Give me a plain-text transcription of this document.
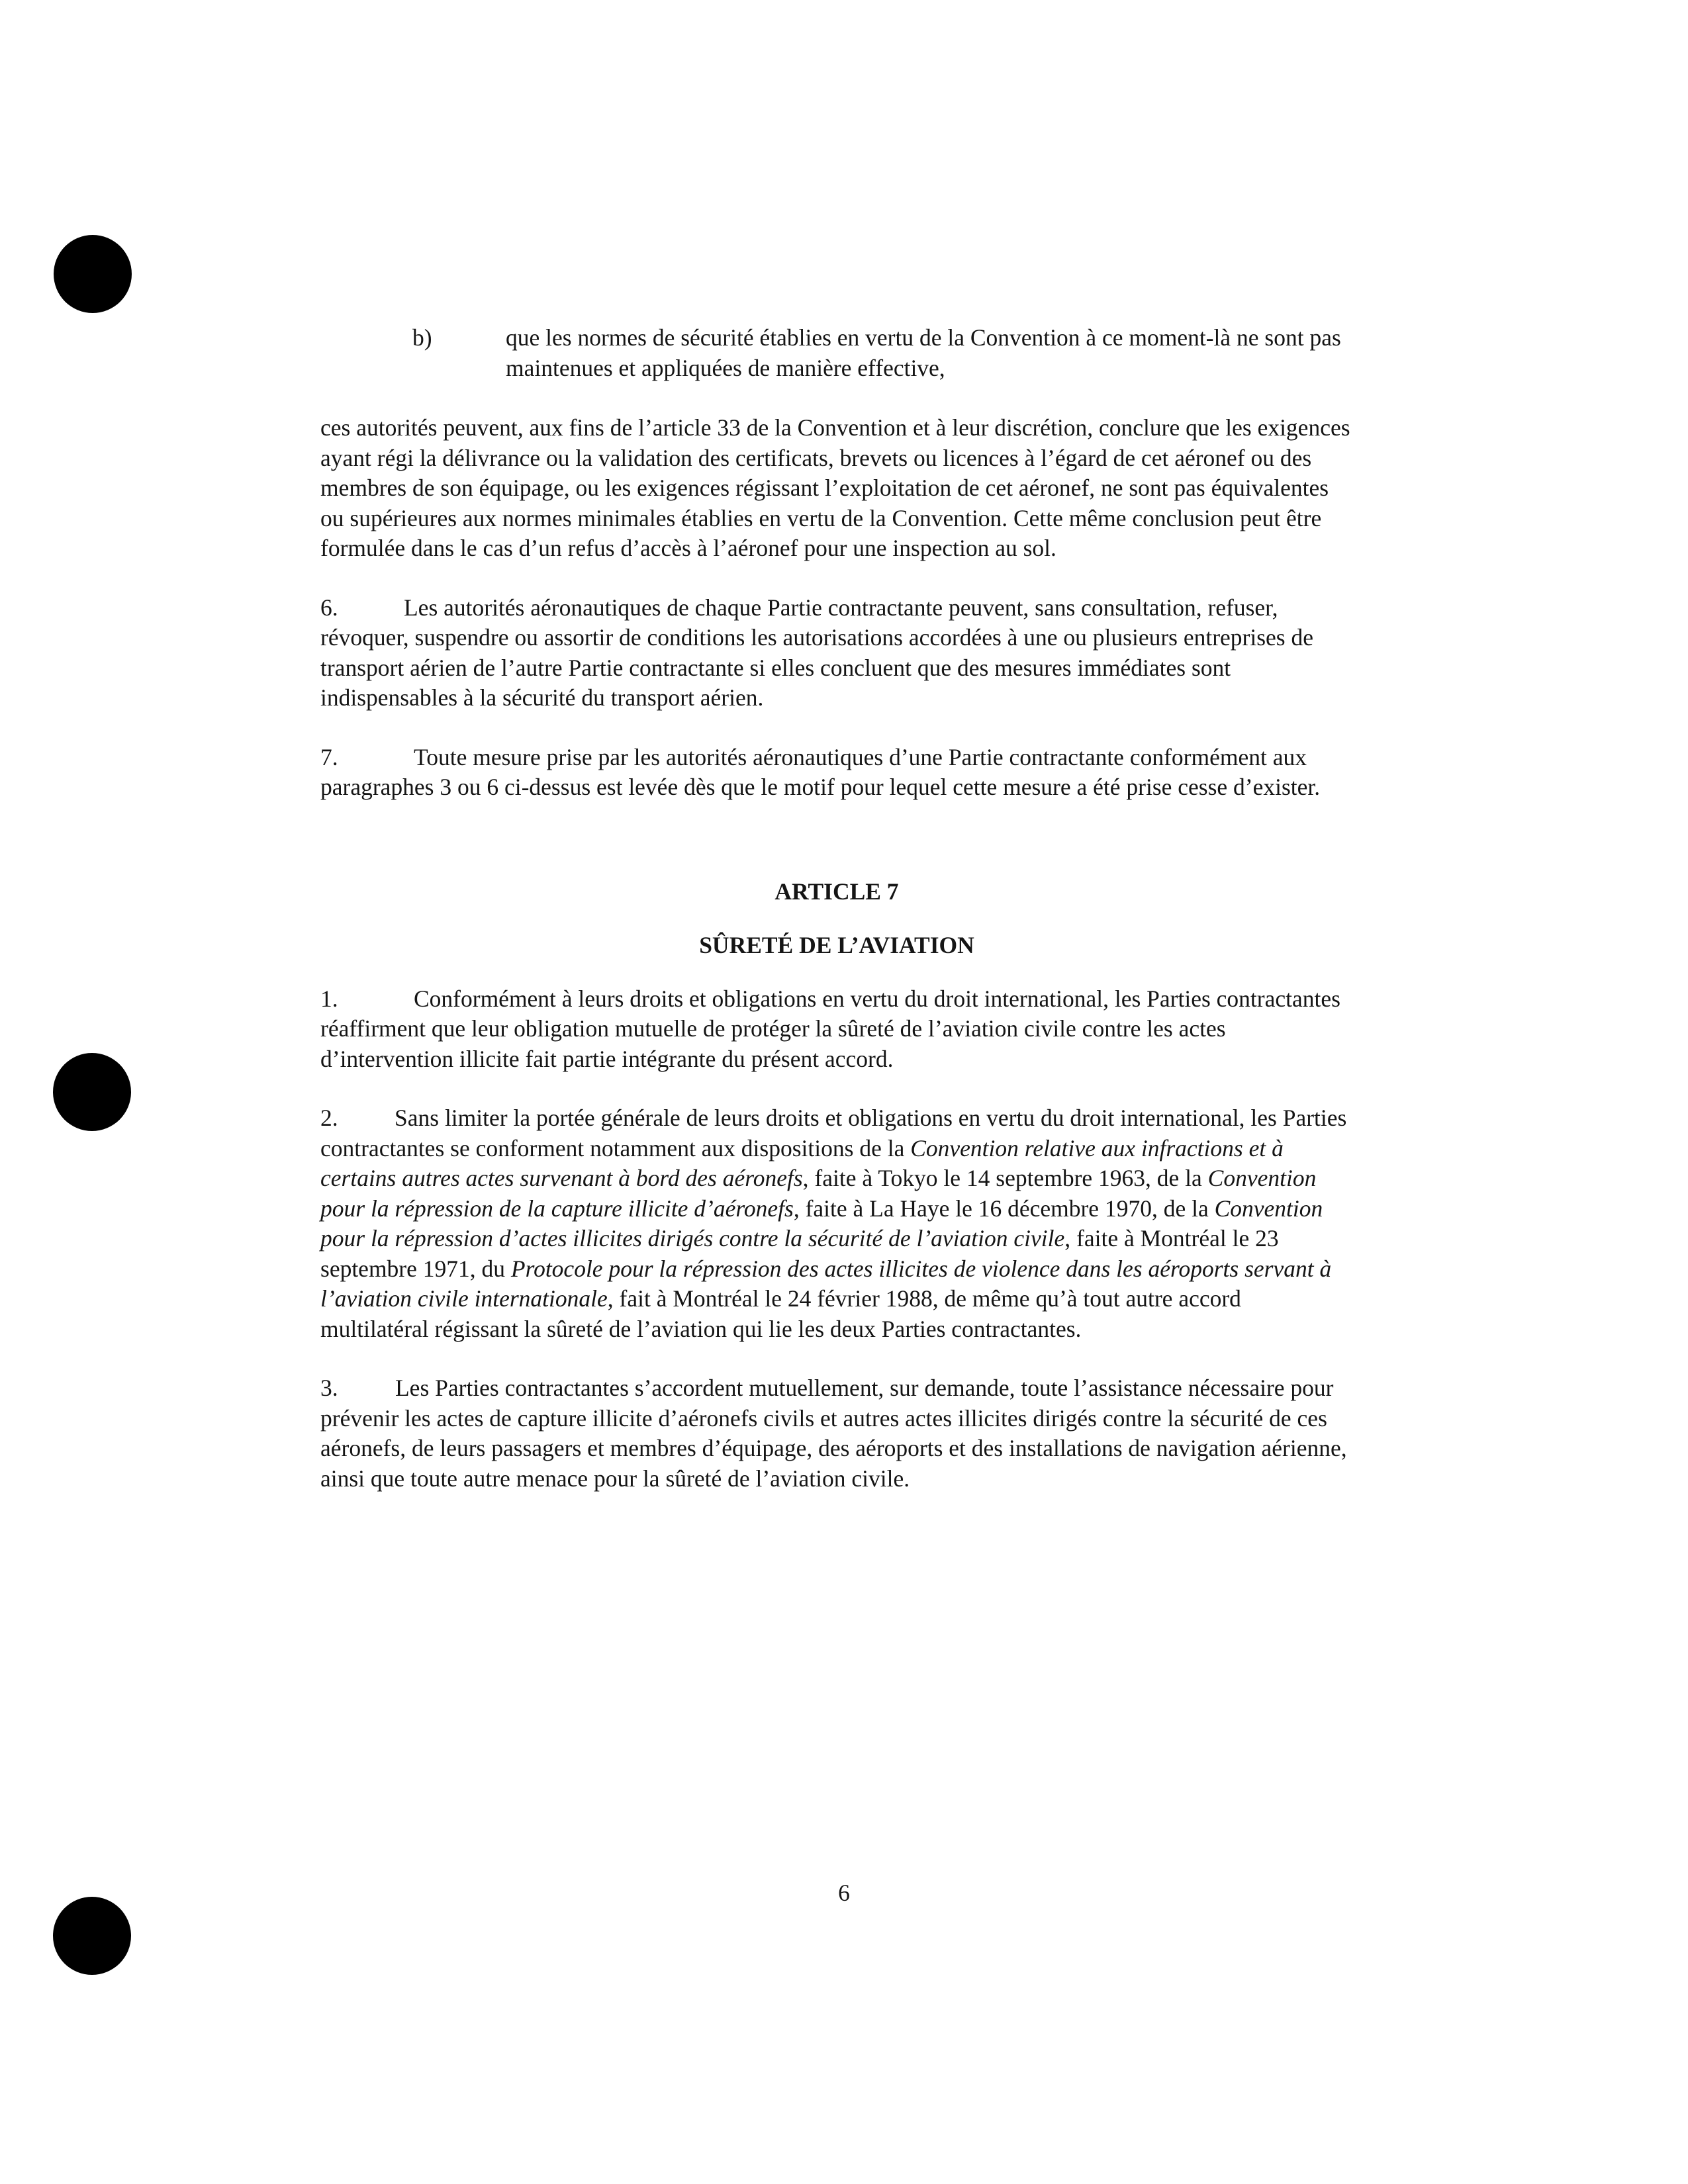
b)	que les normes de sécurité établies en vertu de la Convention à ce moment-là ne sont pas maintenues et appliquées de manière effective,

ces autorités peuvent, aux fins de l’article 33 de la Convention et à leur discrétion, conclure que les exigences ayant régi la délivrance ou la validation des certificats, brevets ou licences à l’égard de cet aéronef ou des membres de son équipage, ou les exigences régissant l’exploitation de cet aéronef, ne sont pas équivalentes ou supérieures aux normes minimales établies en vertu de la Convention. Cette même conclusion peut être formulée dans le cas d’un refus d’accès à l’aéronef pour une inspection au sol.

6.	Les autorités aéronautiques de chaque Partie contractante peuvent, sans consultation, refuser, révoquer, suspendre ou assortir de conditions les autorisations accordées à une ou plusieurs entreprises de transport aérien de l’autre Partie contractante si elles concluent que des mesures immédiates sont indispensables à la sécurité du transport aérien.

7.	Toute mesure prise par les autorités aéronautiques d’une Partie contractante conformément aux paragraphes 3 ou 6 ci-dessus est levée dès que le motif pour lequel cette mesure a été prise cesse d’exister.

ARTICLE 7
SÛRETÉ DE L’AVIATION

1.	Conformément à leurs droits et obligations en vertu du droit international, les Parties contractantes réaffirment que leur obligation mutuelle de protéger la sûreté de l’aviation civile contre les actes d’intervention illicite fait partie intégrante du présent accord.

2. Sans limiter la portée générale de leurs droits et obligations en vertu du droit international, les Parties contractantes se conforment notamment aux dispositions de la Convention relative aux infractions et à certains autres actes survenant à bord des aéronefs, faite à Tokyo le 14 septembre 1963, de la Convention pour la répression de la capture illicite d’aéronefs, faite à La Haye le 16 décembre 1970, de la Convention pour la répression d’actes illicites dirigés contre la sécurité de l’aviation civile, faite à Montréal le 23 septembre 1971, du Protocole pour la répression des actes illicites de violence dans les aéroports servant à l’aviation civile internationale, fait à Montréal le 24 février 1988, de même qu’à tout autre accord multilatéral régissant la sûreté de l’aviation qui lie les deux Parties contractantes.

3. Les Parties contractantes s’accordent mutuellement, sur demande, toute l’assistance nécessaire pour prévenir les actes de capture illicite d’aéronefs civils et autres actes illicites dirigés contre la sécurité de ces aéronefs, de leurs passagers et membres d’équipage, des aéroports et des installations de navigation aérienne, ainsi que toute autre menace pour la sûreté de l’aviation civile.

6
